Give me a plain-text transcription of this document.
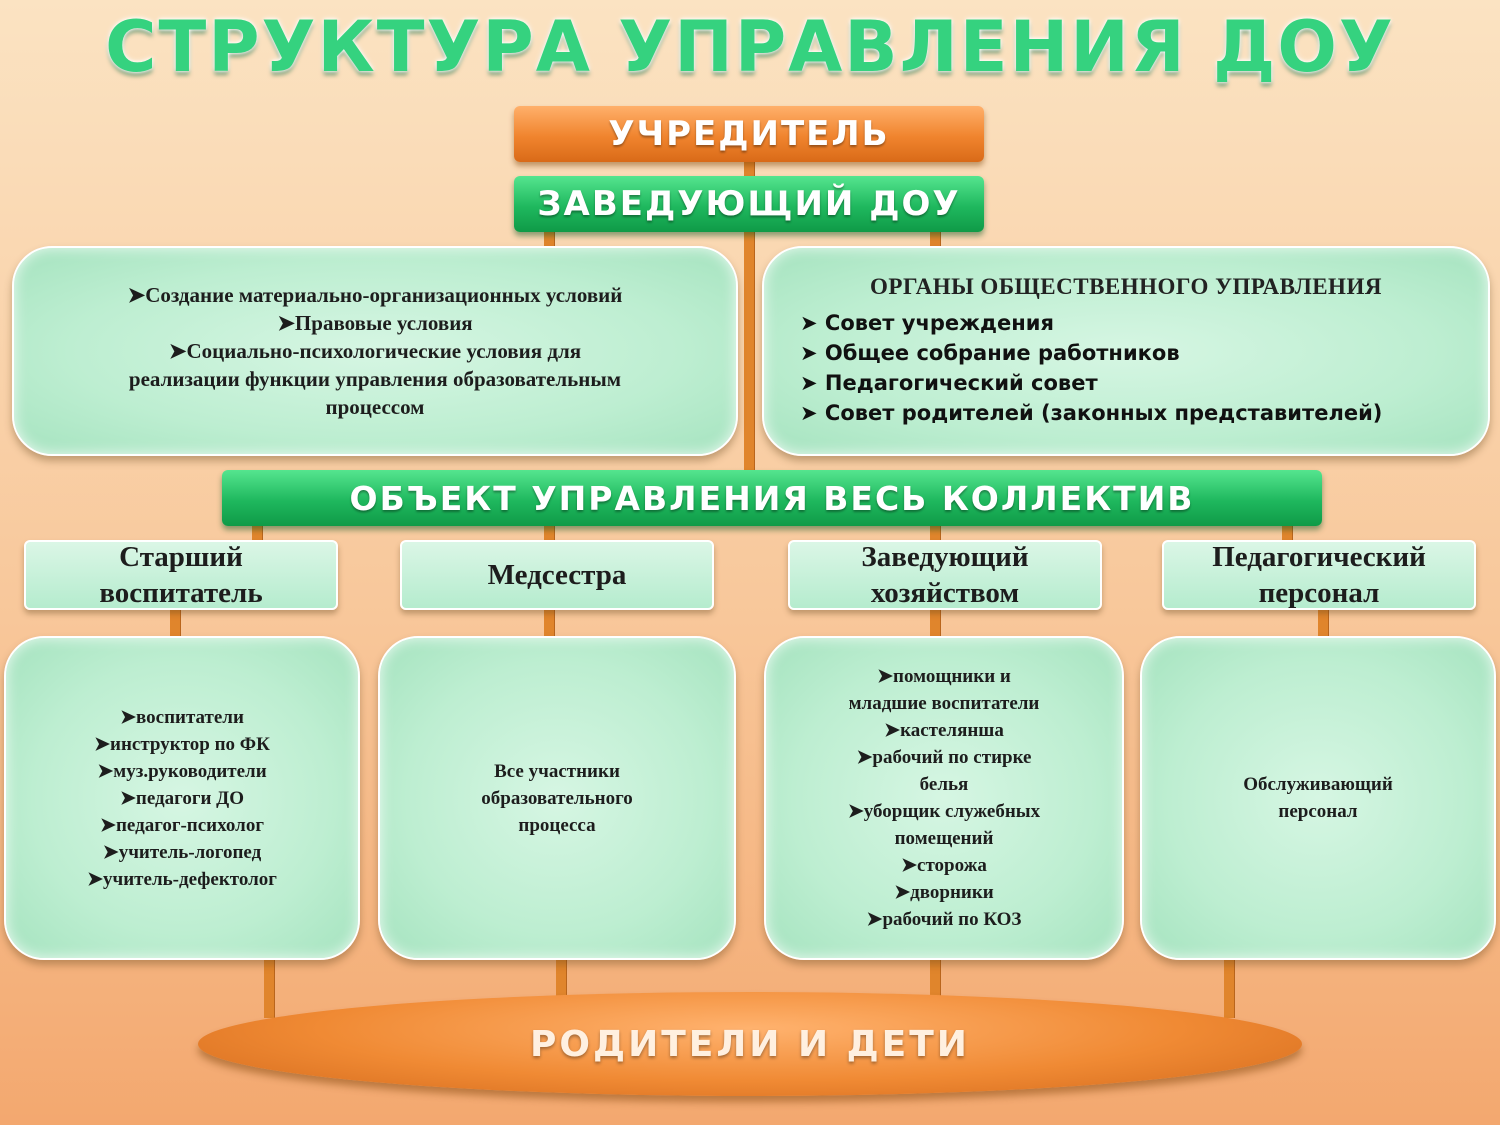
СТРУКТУРА УПРАВЛЕНИЯ ДОУ
УЧРЕДИТЕЛЬ
ЗАВЕДУЮЩИЙ ДОУ
➤Создание материально-организационных условий
➤Правовые условия
➤Социально-психологические условия для
реализации функции управления образовательным
процессом
ОРГАНЫ ОБЩЕСТВЕННОГО УПРАВЛЕНИЯ
➤ Совет учреждения
➤ Общее собрание работников
➤ Педагогический совет
➤ Совет родителей (законных представителей)
ОБЪЕКТ УПРАВЛЕНИЯ ВЕСЬ КОЛЛЕКТИВ
Старший
воспитатель
Медсестра
Заведующий
хозяйством
Педагогический
персонал
➤ воспитатели
➤ инструктор по ФК
➤ муз.руководители
➤ педагоги ДО
➤ педагог-психолог
➤ учитель-логопед
➤ учитель-дефектолог
Все участники
образовательного
процесса
➤ помощники и
младшие воспитатели
➤ кастелянша
➤ рабочий по стирке
белья
➤ уборщик служебных
помещений
➤ сторожа
➤ дворники
➤ рабочий по КОЗ
Обслуживающий
персонал
РОДИТЕЛИ И ДЕТИ
